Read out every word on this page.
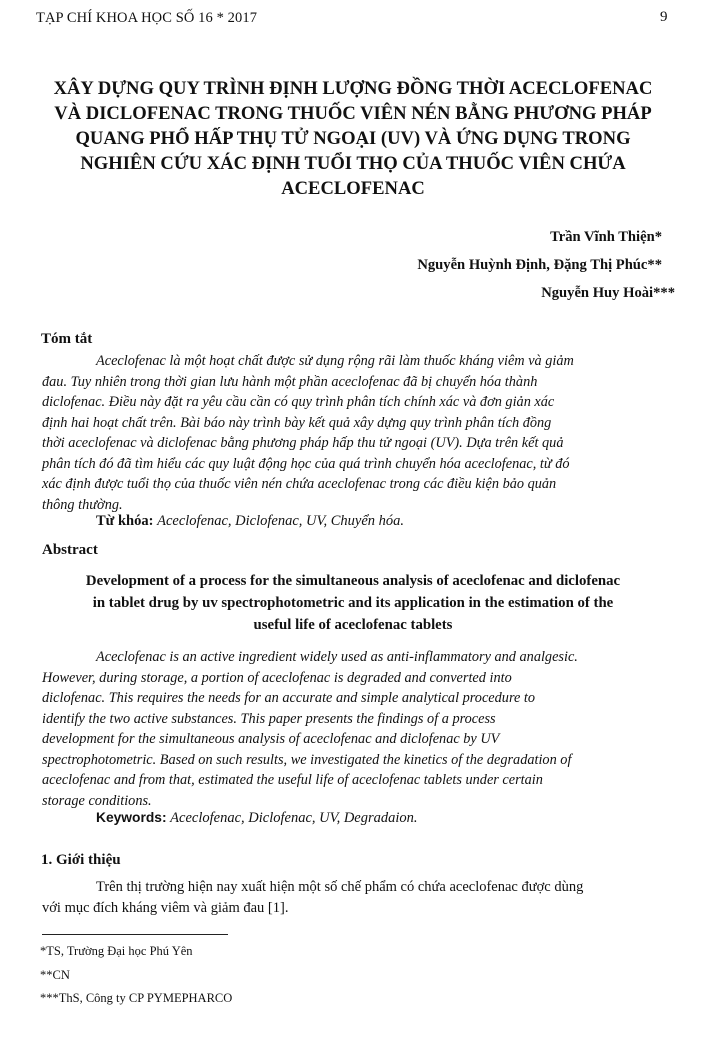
TẠP CHÍ KHOA HỌC SỐ 16 * 2017	9
XÂY DỰNG QUY TRÌNH ĐỊNH LƯỢNG ĐỒNG THỜI ACECLOFENAC
VÀ DICLOFENAC TRONG THUỐC VIÊN NÉN BẰNG PHƯƠNG PHÁP
QUANG PHỔ HẤP THỤ TỬ NGOẠI (UV) VÀ ỨNG DỤNG TRONG
NGHIÊN CỨU XÁC ĐỊNH TUỔI THỌ CỦA THUỐC VIÊN CHỨA
ACECLOFENAC
Trần Vĩnh Thiện*
Nguyễn Huỳnh Định, Đặng Thị Phúc**
Nguyễn Huy Hoài***
Tóm tắt
Aceclofenac là một hoạt chất được sử dụng rộng rãi làm thuốc kháng viêm và giảm
đau. Tuy nhiên trong thời gian lưu hành một phần aceclofenac đã bị chuyển hóa thành
diclofenac. Điều này đặt ra yêu cầu cần có quy trình phân tích chính xác và đơn giản xác
định hai hoạt chất trên. Bài báo này trình bày kết quả xây dựng quy trình phân tích đồng
thời aceclofenac và diclofenac bằng phương pháp hấp thu tử ngoại (UV). Dựa trên kết quả
phân tích đó đã tìm hiểu các quy luật động học của quá trình chuyển hóa aceclofenac, từ đó
xác định được tuổi thọ của thuốc viên nén chứa aceclofenac trong các điều kiện bảo quản
thông thường.
Từ khóa: Aceclofenac, Diclofenac, UV, Chuyển hóa.
Abstract
Development of a process for the simultaneous analysis of aceclofenac and diclofenac
in tablet drug by uv spectrophotometric and its application in the estimation of the
useful life of aceclofenac tablets
Aceclofenac is an active ingredient widely used as anti-inflammatory and analgesic.
However, during storage, a portion of aceclofenac is degraded and converted into
diclofenac. This requires the needs for an accurate and simple analytical procedure to
identify the two active substances. This paper presents the findings of a process
development for the simultaneous analysis of aceclofenac and diclofenac by UV
spectrophotometric. Based on such results, we investigated the kinetics of the degradation of
aceclofenac and from that, estimated the useful life of aceclofenac tablets under certain
storage conditions.
Keywords: Aceclofenac, Diclofenac, UV, Degradaion.
1. Giới thiệu
Trên thị trường hiện nay xuất hiện một số chế phẩm có chứa aceclofenac được dùng
với mục đích kháng viêm và giảm đau [1].
*TS, Trường Đại học Phú Yên
**CN
***ThS, Công ty CP PYMEPHARCO
